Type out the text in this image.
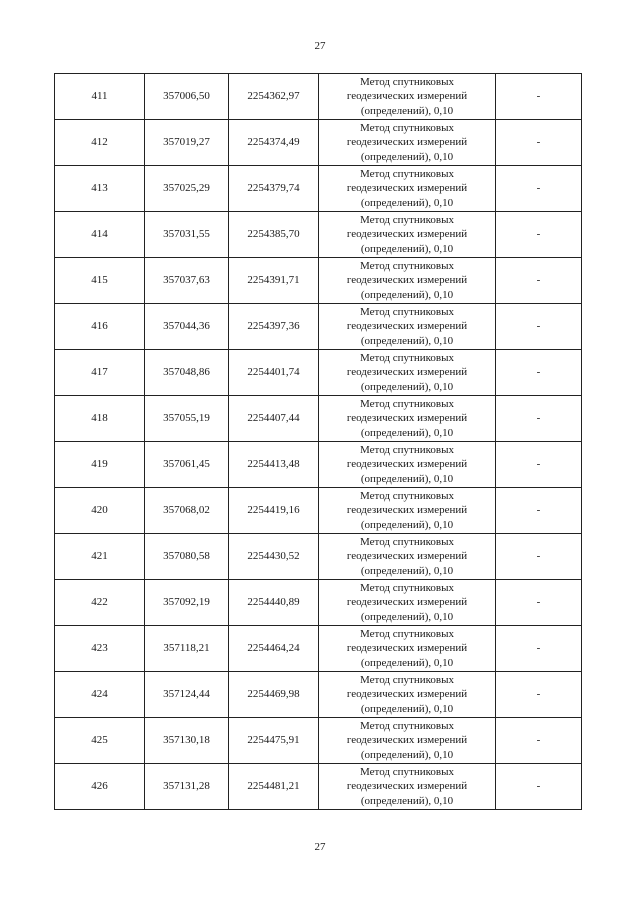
27
411	357006,50	2254362,97	Метод спутниковых
геодезических измерений
(определений), 0,10	-
412	357019,27	2254374,49	Метод спутниковых
геодезических измерений
(определений), 0,10	-
413	357025,29	2254379,74	Метод спутниковых
геодезических измерений
(определений), 0,10	-
414	357031,55	2254385,70	Метод спутниковых
геодезических измерений
(определений), 0,10	-
415	357037,63	2254391,71	Метод спутниковых
геодезических измерений
(определений), 0,10	-
416	357044,36	2254397,36	Метод спутниковых
геодезических измерений
(определений), 0,10	-
417	357048,86	2254401,74	Метод спутниковых
геодезических измерений
(определений), 0,10	-
418	357055,19	2254407,44	Метод спутниковых
геодезических измерений
(определений), 0,10	-
419	357061,45	2254413,48	Метод спутниковых
геодезических измерений
(определений), 0,10	-
420	357068,02	2254419,16	Метод спутниковых
геодезических измерений
(определений), 0,10	-
421	357080,58	2254430,52	Метод спутниковых
геодезических измерений
(определений), 0,10	-
422	357092,19	2254440,89	Метод спутниковых
геодезических измерений
(определений), 0,10	-
423	357118,21	2254464,24	Метод спутниковых
геодезических измерений
(определений), 0,10	-
424	357124,44	2254469,98	Метод спутниковых
геодезических измерений
(определений), 0,10	-
425	357130,18	2254475,91	Метод спутниковых
геодезических измерений
(определений), 0,10	-
426	357131,28	2254481,21	Метод спутниковых
геодезических измерений
(определений), 0,10	-
27
